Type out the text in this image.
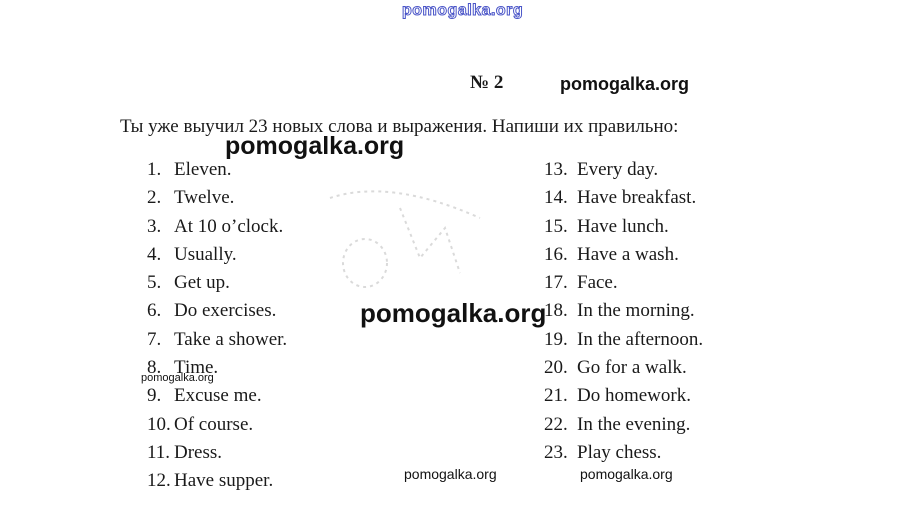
pomogalka.org
№ 2	pomogalka.org
Ты уже выучил 23 новых слова и выражения. Напиши их правильно:
1. Eleven.
2. Twelve.
3. At 10 o’clock.
4. Usually.
5. Get up.
6. Do exercises.
7. Take a shower.
8. Time.
9. Excuse me.
10. Of course.
11. Dress.
12. Have supper.
13. Every day.
14. Have breakfast.
15. Have lunch.
16. Have a wash.
17. Face.
18. In the morning.
19. In the afternoon.
20. Go for a walk.
21. Do homework.
22. In the evening.
23. Play chess.
pomogalka.org
pomogalka.org
pomogalka.org
pomogalka.org	pomogalka.org
